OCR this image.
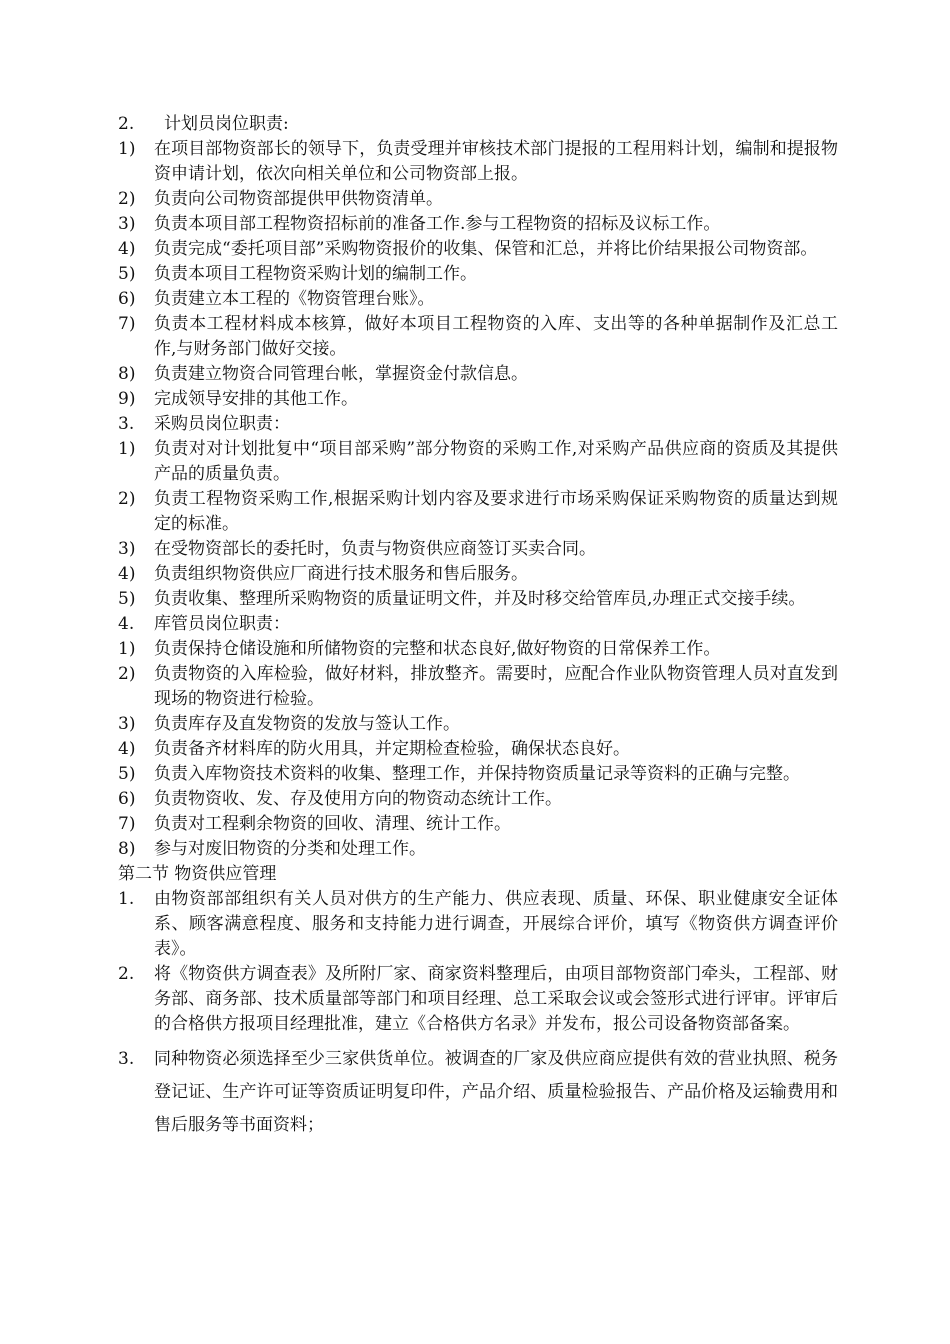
2.	计划员岗位职责:
1)	在项目部物资部长的领导下，负责受理并审核技术部门提报的工程用料计划，编制和提报物资申请计划，依次向相关单位和公司物资部上报。
2)	负责向公司物资部提供甲供物资清单。
3)	负责本项目部工程物资招标前的准备工作.参与工程物资的招标及议标工作。
4)	负责完成“委托项目部”采购物资报价的收集、保管和汇总，并将比价结果报公司物资部。
5)	负责本项目工程物资采购计划的编制工作。
6)	负责建立本工程的《物资管理台账》。
7)	负责本工程材料成本核算，做好本项目工程物资的入库、支出等的各种单据制作及汇总工作,与财务部门做好交接。
8)	负责建立物资合同管理台帐，掌握资金付款信息。
9)	完成领导安排的其他工作。
3.	采购员岗位职责：
1)	负责对对计划批复中“项目部采购”部分物资的采购工作,对采购产品供应商的资质及其提供产品的质量负责。
2)	负责工程物资采购工作,根据采购计划内容及要求进行市场采购保证采购物资的质量达到规定的标准。
3)	在受物资部长的委托时，负责与物资供应商签订买卖合同。
4)	负责组织物资供应厂商进行技术服务和售后服务。
5)	负责收集、整理所采购物资的质量证明文件，并及时移交给管库员,办理正式交接手续。
4.	库管员岗位职责：
1)	负责保持仓储设施和所储物资的完整和状态良好,做好物资的日常保养工作。
2)	负责物资的入库检验，做好材料，排放整齐。需要时，应配合作业队物资管理人员对直发到现场的物资进行检验。
3)	负责库存及直发物资的发放与签认工作。
4)	负责备齐材料库的防火用具，并定期检查检验，确保状态良好。
5)	负责入库物资技术资料的收集、整理工作，并保持物资质量记录等资料的正确与完整。
6)	负责物资收、发、存及使用方向的物资动态统计工作。
7)	负责对工程剩余物资的回收、清理、统计工作。
8)	参与对废旧物资的分类和处理工作。
第二节 物资供应管理
1.	由物资部部组织有关人员对供方的生产能力、供应表现、质量、环保、职业健康安全证体系、顾客满意程度、服务和支持能力进行调查，开展综合评价，填写《物资供方调查评价表》。
2.	将《物资供方调查表》及所附厂家、商家资料整理后，由项目部物资部门牵头，工程部、财务部、商务部、技术质量部等部门和项目经理、总工采取会议或会签形式进行评审。评审后的合格供方报项目经理批准，建立《合格供方名录》并发布，报公司设备物资部备案。
3.	同种物资必须选择至少三家供货单位。被调查的厂家及供应商应提供有效的营业执照、税务登记证、生产许可证等资质证明复印件，产品介绍、质量检验报告、产品价格及运输费用和售后服务等书面资料；
